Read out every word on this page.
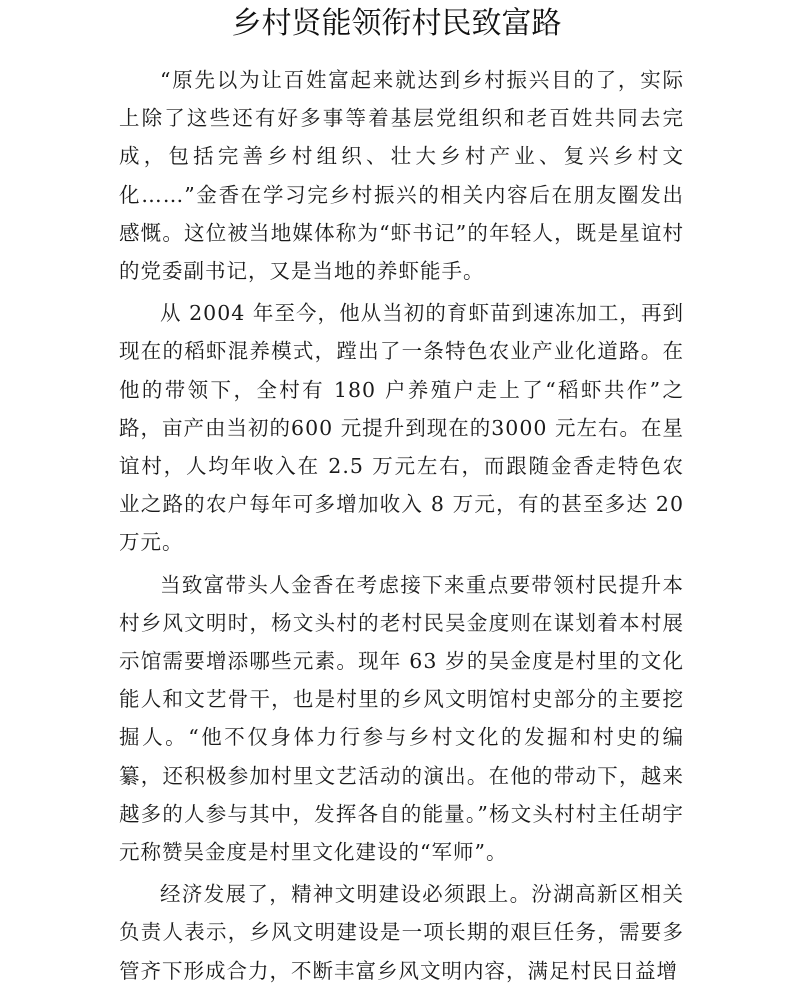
乡村贤能领衔村民致富路

“原先以为让百姓富起来就达到乡村振兴目的了，实际上除了这些还有好多事等着基层党组织和老百姓共同去完成，包括完善乡村组织、壮大乡村产业、复兴乡村文化……”金香在学习完乡村振兴的相关内容后在朋友圈发出感慨。这位被当地媒体称为“虾书记”的年轻人，既是星谊村的党委副书记，又是当地的养虾能手。

从 2004 年至今，他从当初的育虾苗到速冻加工，再到现在的稻虾混养模式，蹚出了一条特色农业产业化道路。在他的带领下，全村有 180 户养殖户走上了“稻虾共作”之路，亩产由当初的600 元提升到现在的3000 元左右。在星谊村，人均年收入在 2.5 万元左右，而跟随金香走特色农业之路的农户每年可多增加收入 8 万元，有的甚至多达 20 万元。

当致富带头人金香在考虑接下来重点要带领村民提升本村乡风文明时，杨文头村的老村民吴金度则在谋划着本村展示馆需要增添哪些元素。现年 63 岁的吴金度是村里的文化能人和文艺骨干，也是村里的乡风文明馆村史部分的主要挖掘人。“他不仅身体力行参与乡村文化的发掘和村史的编纂，还积极参加村里文艺活动的演出。在他的带动下，越来越多的人参与其中，发挥各自的能量。”杨文头村村主任胡宇元称赞吴金度是村里文化建设的“军师”。

经济发展了，精神文明建设必须跟上。汾湖高新区相关负责人表示，乡风文明建设是一项长期的艰巨任务，需要多管齐下形成合力，不断丰富乡风文明内容，满足村民日益增
